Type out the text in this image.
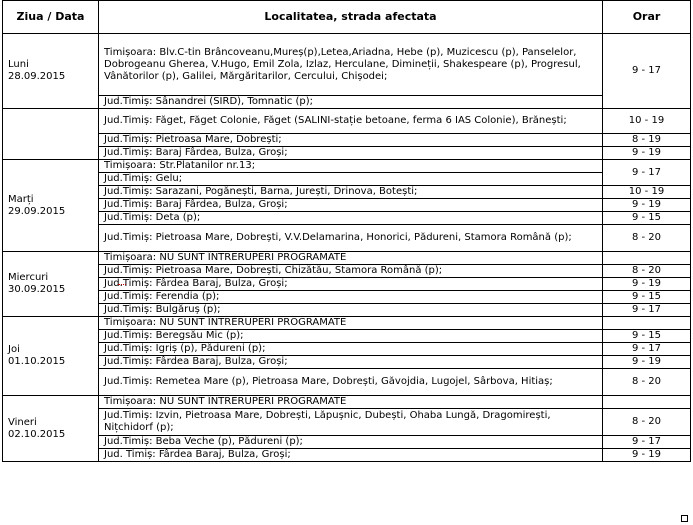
Ziua / Data	Localitatea, strada afectata	Orar

Luni
28.09.2015	Timișoara: Blv.C-tin Brâncoveanu,Mureș(p),Letea,Ariadna, Hebe (p), Muzicescu (p), Panselelor, Dobrogeanu Gherea, V.Hugo, Emil Zola, Izlaz, Herculane, Dimineții, Shakespeare (p), Progresul, Vânătorilor (p), Galilei, Mărgăritarilor, Cercului, Chișodei;	9 - 17
	Jud.Timiș: Sânandrei (SIRD), Tomnatic (p);	
	Jud.Timiș: Făget, Făget Colonie, Făget (SALINI-stație betoane, ferma 6 IAS Colonie), Brănești;	10 - 19
	Jud.Timiș: Pietroasa Mare, Dobrești;	8 - 19
	Jud.Timiș: Baraj Fârdea, Bulza, Groși;	9 - 19

Marți
29.09.2015	Timișoara: Str.Platanilor nr.13;	9 - 17
	Jud.Timiș: Gelu;	
	Jud.Timiș: Sarazani, Pogănești, Barna, Jurești, Drinova, Botești;	10 - 19
	Jud.Timiș: Baraj Fârdea, Bulza, Groși;	9 - 19
	Jud.Timiș: Deta (p);	9 - 15
	Jud.Timiș: Pietroasa Mare, Dobrești, V.V.Delamarina, Honorici, Pădureni, Stamora Română (p);	8 - 20

Miercuri
30.09.2015	Timișoara: NU SUNT ÎNTRERUPERI PROGRAMATE	
	Jud.Timiș: Pietroasa Mare, Dobrești, Chizătău, Stamora Română (p);	8 - 20
	Jud.Timiș: Fârdea Baraj, Bulza, Groși;	9 - 19
	Jud.Timiș: Ferendia (p);	9 - 15
	Jud.Timiș: Bulgăruș (p);	9 - 17

Joi
01.10.2015	Timișoara: NU SUNT ÎNTRERUPERI PROGRAMATE	
	Jud.Timiș: Beregsău Mic (p);	9 - 15
	Jud.Timiș: Igriș (p), Pădureni (p);	9 - 17
	Jud.Timiș: Fârdea Baraj, Bulza, Groși;	9 - 19
	Jud.Timiș: Remetea Mare (p), Pietroasa Mare, Dobrești, Găvojdia, Lugojel, Sârbova, Hitiaș;	8 - 20

Vineri
02.10.2015	Timișoara: NU SUNT ÎNTRERUPERI PROGRAMATE	
	Jud.Timiș: Izvin, Pietroasa Mare, Dobrești, Lăpușnic, Dubești, Ohaba Lungă, Dragomirești, Nițchidorf (p);	8 - 20
	Jud.Timiș: Beba Veche (p), Pădureni (p);	9 - 17
	Jud. Timiș: Fârdea Baraj, Bulza, Groși;	9 - 19
